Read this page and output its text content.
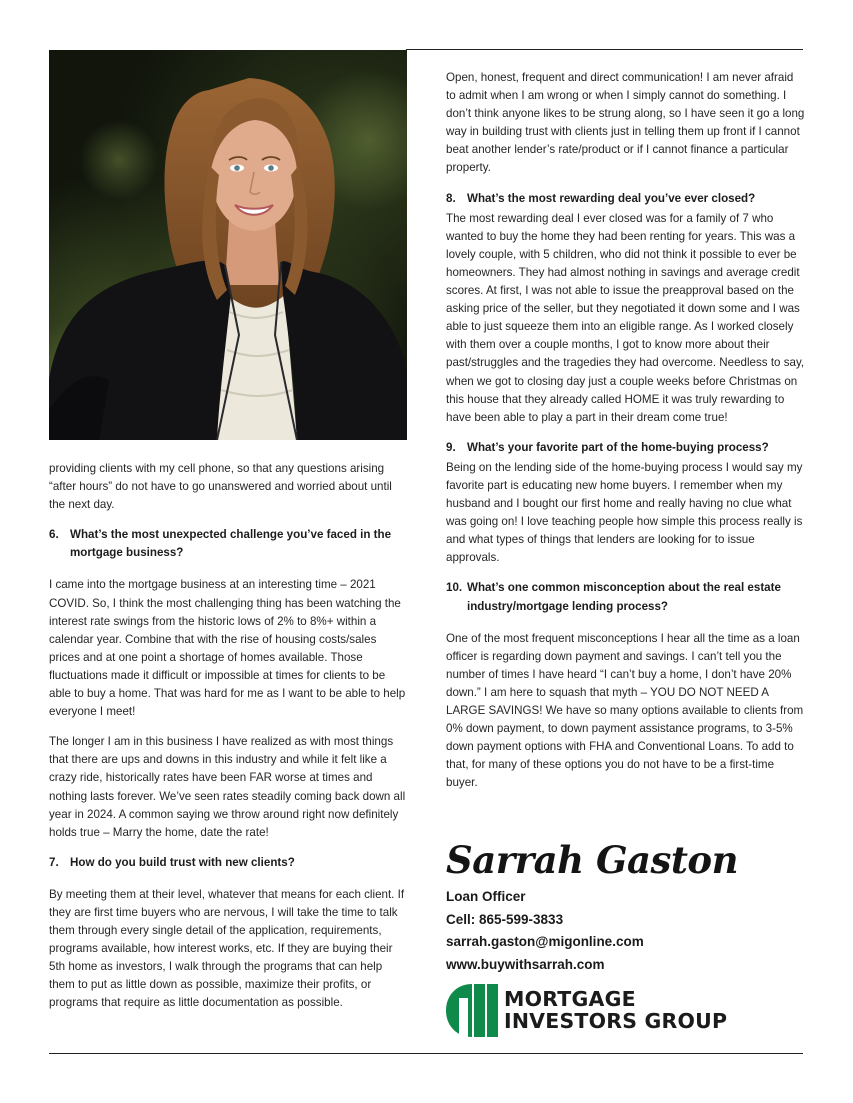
providing clients with my cell phone, so that any questions arising “after hours” do not have to go unanswered and worried about until the next day.

6. What’s the most unexpected challenge you’ve faced in the mortgage business?

I came into the mortgage business at an interesting time – 2021 COVID. So, I think the most challenging thing has been watching the interest rate swings from the historic lows of 2% to 8%+ within a calendar year. Combine that with the rise of housing costs/sales prices and at one point a shortage of homes available. Those fluctuations made it difficult or impossible at times for clients to be able to buy a home. That was hard for me as I want to be able to help everyone I meet!

The longer I am in this business I have realized as with most things that there are ups and downs in this industry and while it felt like a crazy ride, historically rates have been FAR worse at times and nothing lasts forever. We’ve seen rates steadily coming back down all year in 2024. A common saying we throw around right now definitely holds true – Marry the home, date the rate!

7. How do you build trust with new clients?

By meeting them at their level, whatever that means for each client. If they are first time buyers who are nervous, I will take the time to talk them through every single detail of the application, requirements, programs available, how interest works, etc. If they are buying their 5th home as investors, I walk through the programs that can help them to put as little down as possible, maximize their profits, or programs that require as little documentation as possible.

Open, honest, frequent and direct communication! I am never afraid to admit when I am wrong or when I simply cannot do something. I don’t think anyone likes to be strung along, so I have seen it go a long way in building trust with clients just in telling them up front if I cannot beat another lender’s rate/product or if I cannot finance a particular property.

8. What’s the most rewarding deal you’ve ever closed?

The most rewarding deal I ever closed was for a family of 7 who wanted to buy the home they had been renting for years. This was a lovely couple, with 5 children, who did not think it possible to ever be homeowners. They had almost nothing in savings and average credit scores. At first, I was not able to issue the preapproval based on the asking price of the seller, but they negotiated it down some and I was able to just squeeze them into an eligible range. As I worked closely with them over a couple months, I got to know more about their past/struggles and the tragedies they had overcome. Needless to say, when we got to closing day just a couple weeks before Christmas on this house that they already called HOME it was truly rewarding to have been able to play a part in their dream come true!

9. What’s your favorite part of the home-buying process?

Being on the lending side of the home-buying process I would say my favorite part is educating new home buyers. I remember when my husband and I bought our first home and really having no clue what was going on! I love teaching people how simple this process really is and what types of things that lenders are looking for to issue approvals.

10. What’s one common misconception about the real estate industry/mortgage lending process?

One of the most frequent misconceptions I hear all the time as a loan officer is regarding down payment and savings. I can’t tell you the number of times I have heard “I can’t buy a home, I don’t have 20% down.” I am here to squash that myth – YOU DO NOT NEED A LARGE SAVINGS! We have so many options available to clients from 0% down payment, to down payment assistance programs, to 3-5% down payment options with FHA and Conventional Loans. To add to that, for many of these options you do not have to be a first-time buyer.

Sarrah Gaston
Loan Officer
Cell: 865-599-3833
sarrah.gaston@migonline.com
www.buywithsarrah.com
MORTGAGE
INVESTORS GROUP
